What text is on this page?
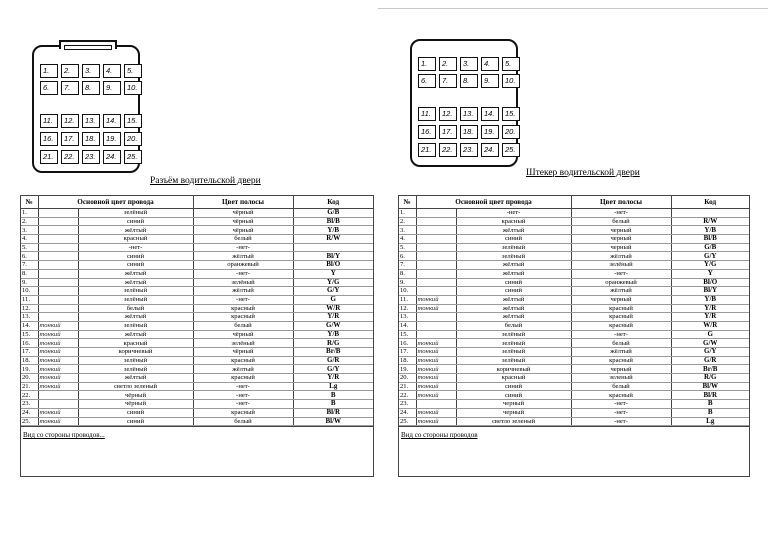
1.	2.	3.	4.	5.
6.	7.	8.	9.	10.
11.	12.	13.	14.	15.
16.	17.	18.	19.	20.
21.	22.	23.	24.	25.
Разъём водительской двери
№	Основной цвет провода		Цвет полосы	Код
1.		зелёный	чёрный	G/B
2.		синий	чёрный	Bl/B
3.		жёлтый	чёрный	Y/B
4.		красный	белый	R/W
5.		-нет-	-нет-	
6.		синий	жёлтый	Bl/Y
7.		синий	оранжевый	Bl/O
8.		жёлтый	-нет-	Y
9.		жёлтый	зелёный	Y/G
10.		зелёный	жёлтый	G/Y
11.		зелёный	-нет-	G
12.		белый	красный	W/R
13.		жёлтый	красный	Y/R
14.	тонкий	зелёный	белый	G/W
15.	тонкий	жёлтый	чёрный	Y/B
16.	тонкий	красный	зелёный	R/G
17.	тонкий	коричневый	чёрный	Br/B
18.	тонкий	зелёный	красный	G/R
19.	тонкий	зелёный	жёлтый	G/Y
20.	тонкий	жёлтый	красный	Y/R
21.	тонкий	светло зеленый	-нет-	Lg
22.		чёрный	-нет-	B
23.		чёрный	-нет-	B
24.	тонкий	синий	красный	Bl/R
25.	тонкий	синий	белый	Bl/W
Вид со стороны проводов...
1.	2.	3.	4.	5.
6.	7.	8.	9.	10.
11.	12.	13.	14.	15.
16.	17.	18.	19.	20.
21.	22.	23.	24.	25.
Штекер водительской двери
№	Основной цвет провода		Цвет полосы	Код
1.		-нет-	-нет-	
2.		красный	белый	R/W
3.		жёлтый	черный	Y/B
4.		синий	черный	Bl/B
5.		зелёный	черный	G/B
6.		зелёный	жёлтый	G/Y
7.		жёлтый	зелёный	Y/G
8.		жёлтый	-нет-	Y
9.		синий	оранжевый	Bl/O
10.		синий	жёлтый	Bl/Y
11.	тонкий	жёлтый	черный	Y/B
12.	тонкий	жёлтый	красный	Y/R
13.		жёлтый	красный	Y/R
14.		белый	красный	W/R
15.		зелёный	-нет-	G
16.	тонкий	зелёный	белый	G/W
17.	тонкий	зелёный	жёлтый	G/Y
18.	тонкий	зелёный	красный	G/R
19.	тонкий	коричневый	черный	Br/B
20.	тонкий	красный	зеленый	R/G
21.	тонкий	синий	белый	Bl/W
22.	тонкий	синий	красный	Bl/R
23.		черный	-нет-	B
24.	тонкий	черный	-нет-	B
25.	тонкий	светло зеленый	-нет-	Lg
Вид со стороны проводов
